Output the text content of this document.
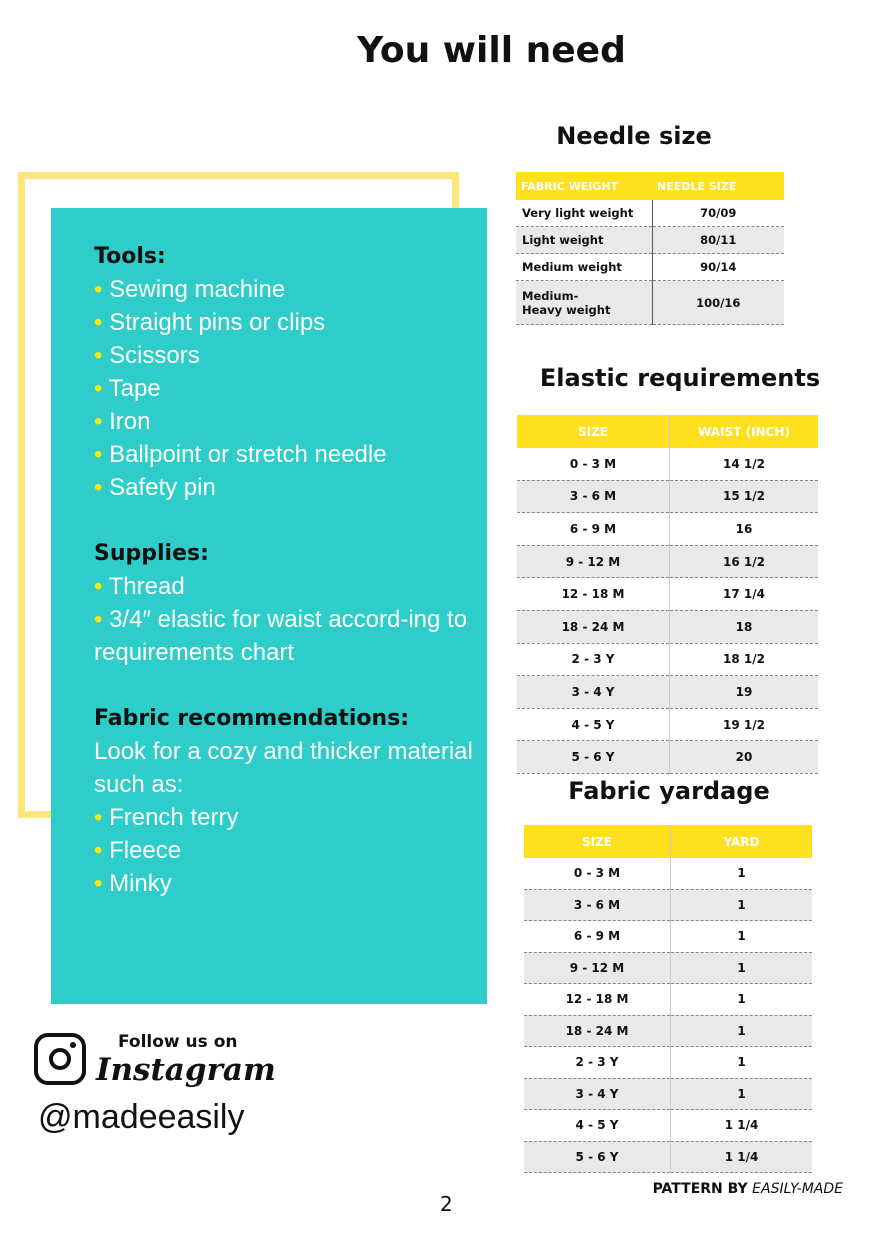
You will need
Tools:
• Sewing machine
• Straight pins or clips
• Scissors
• Tape
• Iron
• Ballpoint or stretch needle
• Safety pin
Supplies:
• Thread
• 3/4″ elastic for waist accord-ing to requirements chart
Fabric recommendations:
Look for a cozy and thicker material such as:
• French terry
• Fleece
• Minky
Needle size
FABRIC WEIGHT	NEEDLE SIZE
Very light weight	70/09
Light weight	80/11
Medium weight	90/14
Medium-
Heavy weight	100/16
Elastic requirements
SIZE	WAIST (INCH)
0 - 3 M	14 1/2
3 - 6 M	15 1/2
6 - 9 M	16
9 - 12 M	16 1/2
12 - 18 M	17 1/4
18 - 24 M	18
2 - 3 Y	18 1/2
3 - 4 Y	19
4 - 5 Y	19 1/2
5 - 6 Y	20
Fabric yardage
SIZE	YARD
0 - 3 M	1
3 - 6 M	1
6 - 9 M	1
9 - 12 M	1
12 - 18 M	1
18 - 24 M	1
2 - 3 Y	1
3 - 4 Y	1
4 - 5 Y	1 1/4
5 - 6 Y	1 1/4
Follow us on
Instagram
@madeeasily
2
PATTERN BY EASILY-MADE
